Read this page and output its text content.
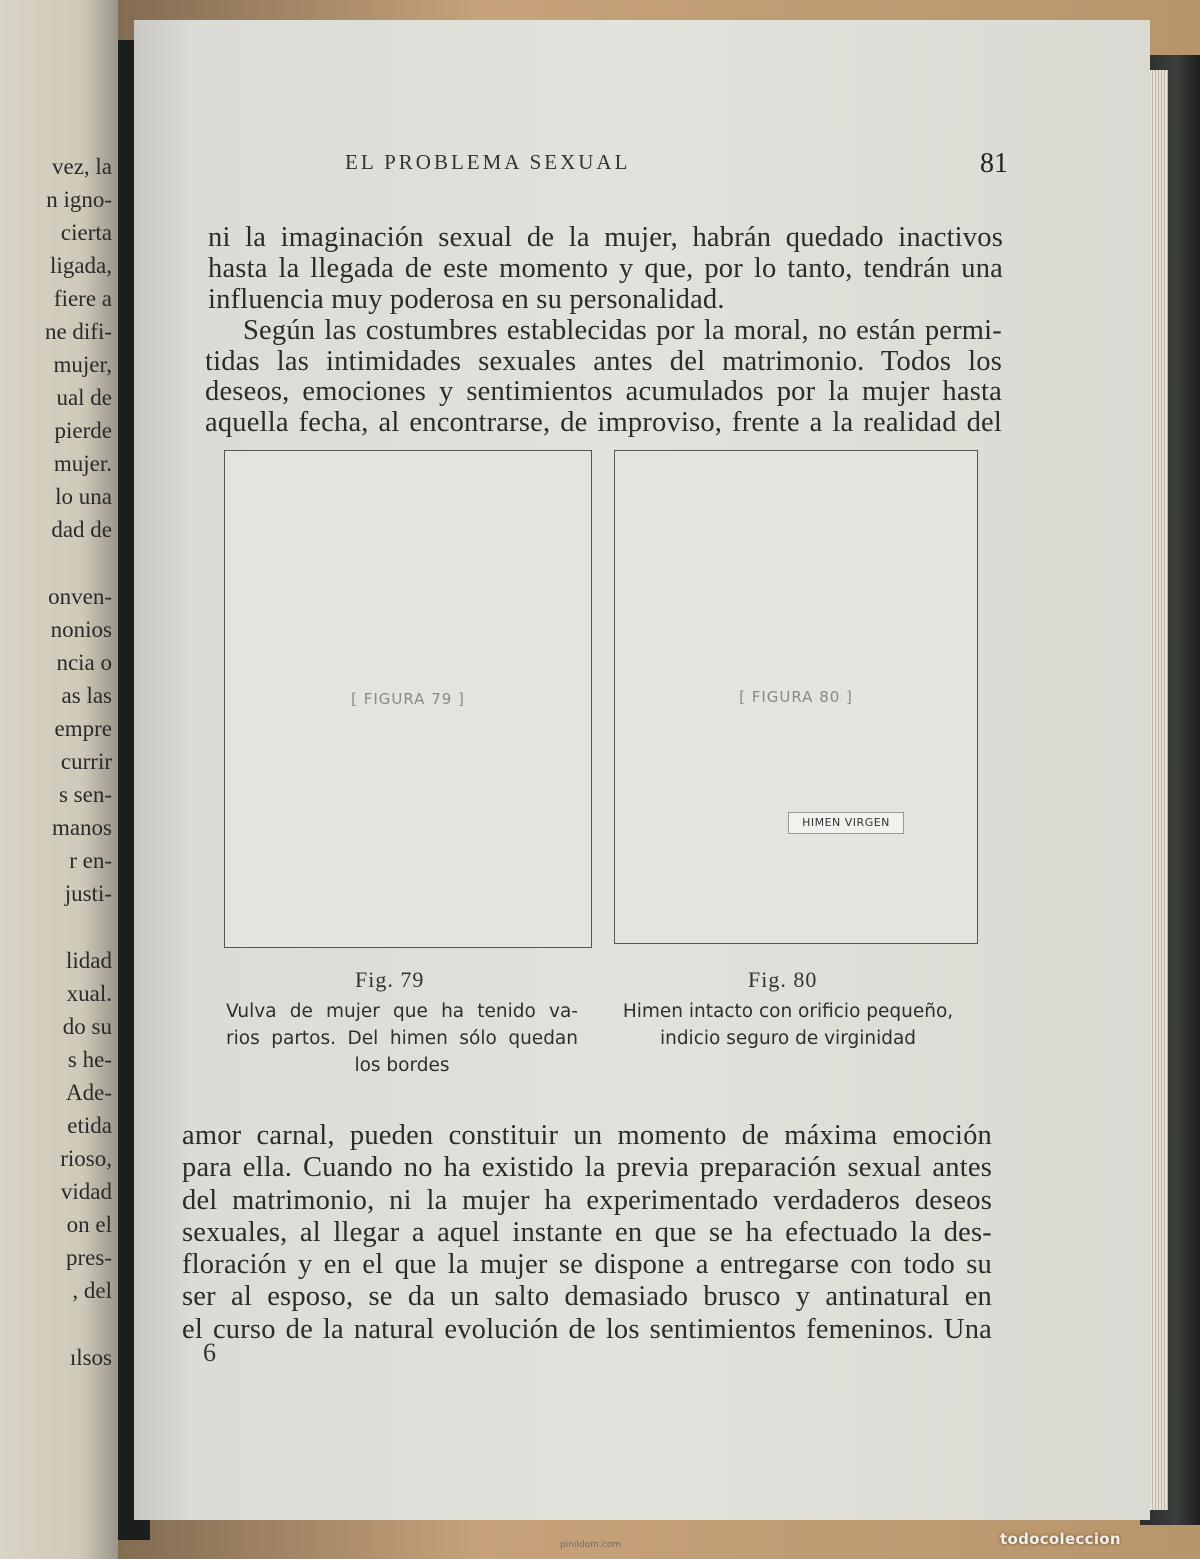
vez, la
n igno-
cierta
ligada,
fiere a
ne difi-
mujer,
ual de
pierde
mujer.
lo una
dad de
onven-
nonios
ncia o
as las
empre
currir
s sen-
manos
r en-
justi-
lidad
xual.
do su
s he-
Ade-
etida
rioso,
vidad
on el
pres-
, del
ılsos
EL PROBLEMA SEXUAL	81
ni la imaginación sexual de la mujer, habrán quedado inactivos
hasta la llegada de este momento y que, por lo tanto, tendrán una
influencia muy poderosa en su personalidad.
Según las costumbres establecidas por la moral, no están permi-
tidas las intimidades sexuales antes del matrimonio. Todos los
deseos, emociones y sentimientos acumulados por la mujer hasta
aquella fecha, al encontrarse, de improviso, frente a la realidad del
[ FIGURA 79 ]	[ FIGURA 80 ]
HIMEN VIRGEN
Fig. 79	Fig. 80
Vulva de mujer que ha tenido va-
rios partos. Del himen sólo quedan
los bordes
Himen intacto con orificio pequeño,
indicio seguro de virginidad
amor carnal, pueden constituir un momento de máxima emoción
para ella. Cuando no ha existido la previa preparación sexual antes
del matrimonio, ni la mujer ha experimentado verdaderos deseos
sexuales, al llegar a aquel instante en que se ha efectuado la des-
floración y en el que la mujer se dispone a entregarse con todo su
ser al esposo, se da un salto demasiado brusco y antinatural en
el curso de la natural evolución de los sentimientos femeninos. Una
6
pinildom.com	todocoleccion
